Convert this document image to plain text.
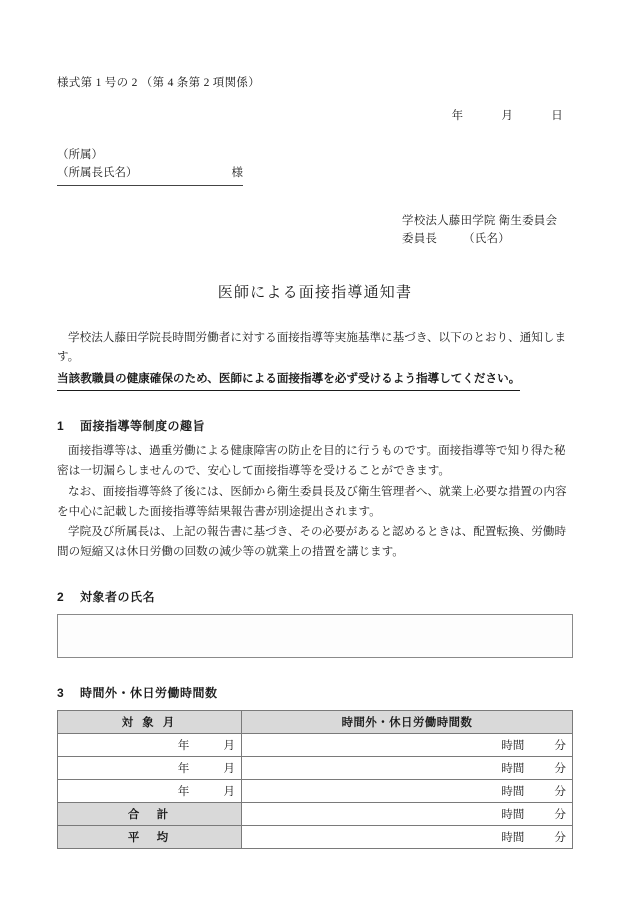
様式第 1 号の 2 （第 4 条第 2 項関係）
年	月	日
（所属）
（所属長氏名）	様
学校法人藤田学院 衛生委員会
委員長 （氏名）
医師による面接指導通知書
学校法人藤田学院長時間労働者に対する面接指導等実施基準に基づき、以下のとおり、通知します。
当該教職員の健康確保のため、医師による面接指導を必ず受けるよう指導してください。
1 面接指導等制度の趣旨

面接指導等は、過重労働による健康障害の防止を目的に行うものです。面接指導等で知り得た秘密は一切漏らしませんので、安心して面接指導等を受けることができます。

なお、面接指導等終了後には、医師から衛生委員長及び衛生管理者へ、就業上必要な措置の内容を中心に記載した面接指導等結果報告書が別途提出されます。

学院及び所属長は、上記の報告書に基づき、その必要があると認めるときは、配置転換、労働時間の短縮又は休日労働の回数の減少等の就業上の措置を講じます。

2 対象者の氏名
3 時間外・休日労働時間数
対 象 月	時間外・休日労働時間数
年 月	時間 分
年 月	時間 分
年 月	時間 分
合　計	時間 分
平　均	時間 分
